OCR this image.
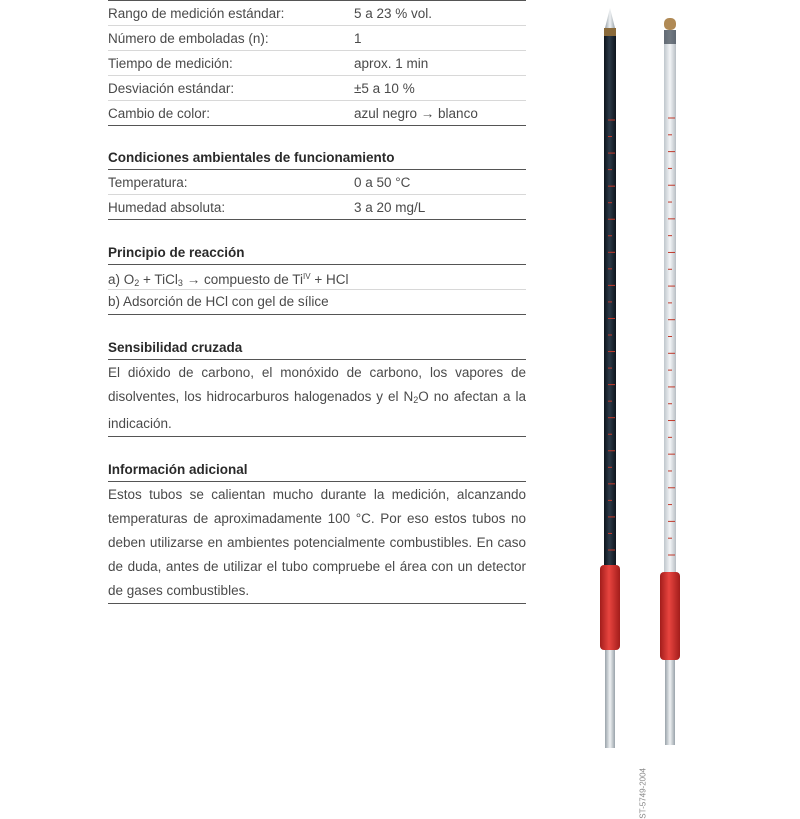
Rango de medición estándar:	5 a 23 % vol.
Número de emboladas (n):	1
Tiempo de medición:	aprox. 1 min
Desviación estándar:	±5 a 10 %
Cambio de color:	azul negro → blanco
Condiciones ambientales de funcionamiento
Temperatura:	0 a 50 °C
Humedad absoluta:	3 a 20 mg/L
Principio de reacción
a) $O_2$ + TiCl$_3$ → compuesto de $Ti^{IV}$ + HCl
b) Adsorción de HCl con gel de sílice
Sensibilidad cruzada
El dióxido de carbono, el monóxido de carbono, los vapores de disolventes, los hidrocarburos halogenados y el $N_2O$ no afectan a la indicación.
Información adicional
Estos tubos se calientan mucho durante la medición, alcanzando temperaturas de aproximadamente 100 °C. Por eso estos tubos no deben utilizarse en ambientes potencialmente combustibles. En caso de duda, antes de utilizar el tubo compruebe el área con un detector de gases combustibles.
ST-5749-2004
